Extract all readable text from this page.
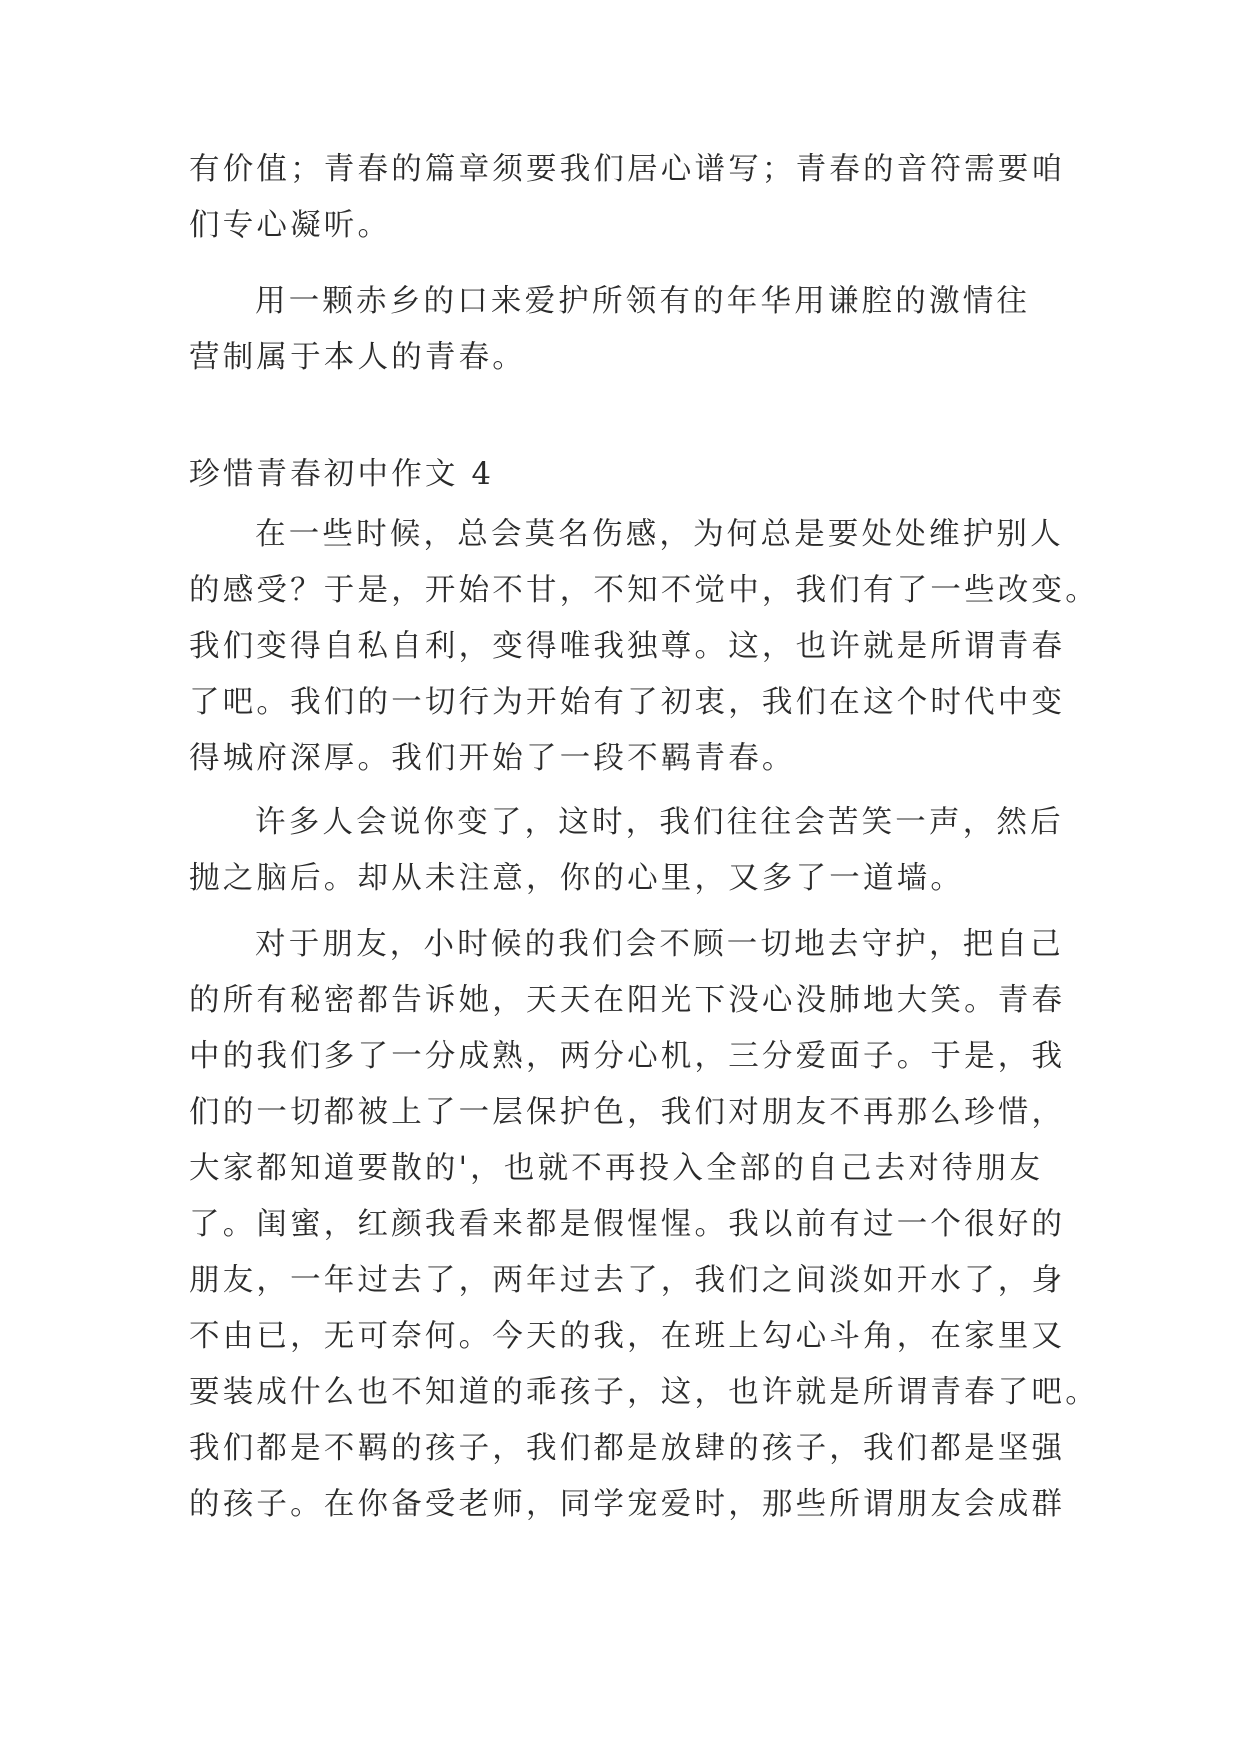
有价值；青春的篇章须要我们居心谱写；青春的音符需要咱
们专心凝听。
用一颗赤乡的口来爱护所领有的年华用谦腔的激情往
营制属于本人的青春。
珍惜青春初中作文 4
在一些时候，总会莫名伤感，为何总是要处处维护别人
的感受？于是，开始不甘，不知不觉中，我们有了一些改变。
我们变得自私自利，变得唯我独尊。这，也许就是所谓青春
了吧。我们的一切行为开始有了初衷，我们在这个时代中变
得城府深厚。我们开始了一段不羁青春。
许多人会说你变了，这时，我们往往会苦笑一声，然后
抛之脑后。却从未注意，你的心里，又多了一道墙。
对于朋友，小时候的我们会不顾一切地去守护，把自己
的所有秘密都告诉她，天天在阳光下没心没肺地大笑。青春
中的我们多了一分成熟，两分心机，三分爱面子。于是，我
们的一切都被上了一层保护色，我们对朋友不再那么珍惜，
大家都知道要散的'，也就不再投入全部的自己去对待朋友
了。闺蜜，红颜我看来都是假惺惺。我以前有过一个很好的
朋友，一年过去了，两年过去了，我们之间淡如开水了，身
不由已，无可奈何。今天的我，在班上勾心斗角，在家里又
要装成什么也不知道的乖孩子，这，也许就是所谓青春了吧。
我们都是不羁的孩子，我们都是放肆的孩子，我们都是坚强
的孩子。在你备受老师，同学宠爱时，那些所谓朋友会成群
